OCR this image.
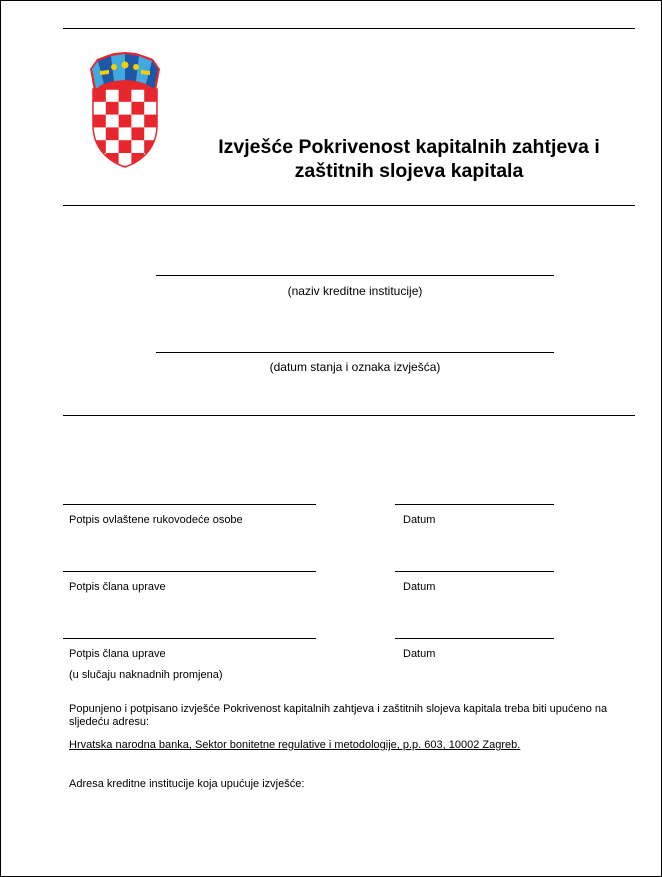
Izvješće Pokrivenost kapitalnih zahtjeva i
zaštitnih slojeva kapitala
(naziv kreditne institucije)
(datum stanja i oznaka izvješća)
Potpis ovlaštene rukovodeće osobe	Datum
Potpis člana uprave	Datum
Potpis člana uprave	Datum
(u slučaju naknadnih promjena)
Popunjeno i potpisano izvješće Pokrivenost kapitalnih zahtjeva i zaštitnih slojeva kapitala treba biti upućeno na sljedeću adresu:
Hrvatska narodna banka, Sektor bonitetne regulative i metodologije, p.p. 603, 10002 Zagreb.
Adresa kreditne institucije koja upućuje izvješće:
